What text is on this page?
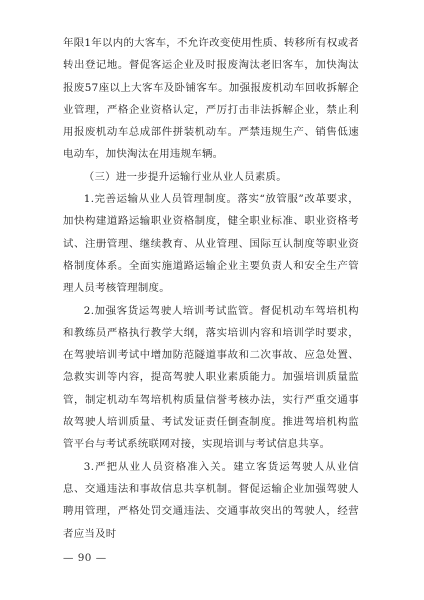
年限1年以内的大客车，不允许改变使用性质、转移所有权或者转出登记地。督促客运企业及时报废淘汰老旧客车，加快淘汰报废57座以上大客车及卧铺客车。加强报废机动车回收拆解企业管理，严格企业资格认定，严厉打击非法拆解企业，禁止利用报废机动车总成部件拼装机动车。严禁违规生产、销售低速电动车，加快淘汰在用违规车辆。

（三）进一步提升运输行业从业人员素质。

1.完善运输从业人员管理制度。落实“放管服”改革要求，加快构建道路运输职业资格制度，健全职业标准、职业资格考试、注册管理、继续教育、从业管理、国际互认制度等职业资格制度体系。全面实施道路运输企业主要负责人和安全生产管理人员考核管理制度。

2.加强客货运驾驶人培训考试监管。督促机动车驾培机构和教练员严格执行教学大纲，落实培训内容和培训学时要求，在驾驶培训考试中增加防范隧道事故和二次事故、应急处置、急救实训等内容，提高驾驶人职业素质能力。加强培训质量监管，制定机动车驾培机构质量信誉考核办法，实行严重交通事故驾驶人培训质量、考试发证责任倒查制度。推进驾培机构监管平台与考试系统联网对接，实现培训与考试信息共享。

3.严把从业人员资格准入关。建立客货运驾驶人从业信息、交通违法和事故信息共享机制。督促运输企业加强驾驶人聘用管理，严格处罚交通违法、交通事故突出的驾驶人，经营者应当及时

— 90 —
